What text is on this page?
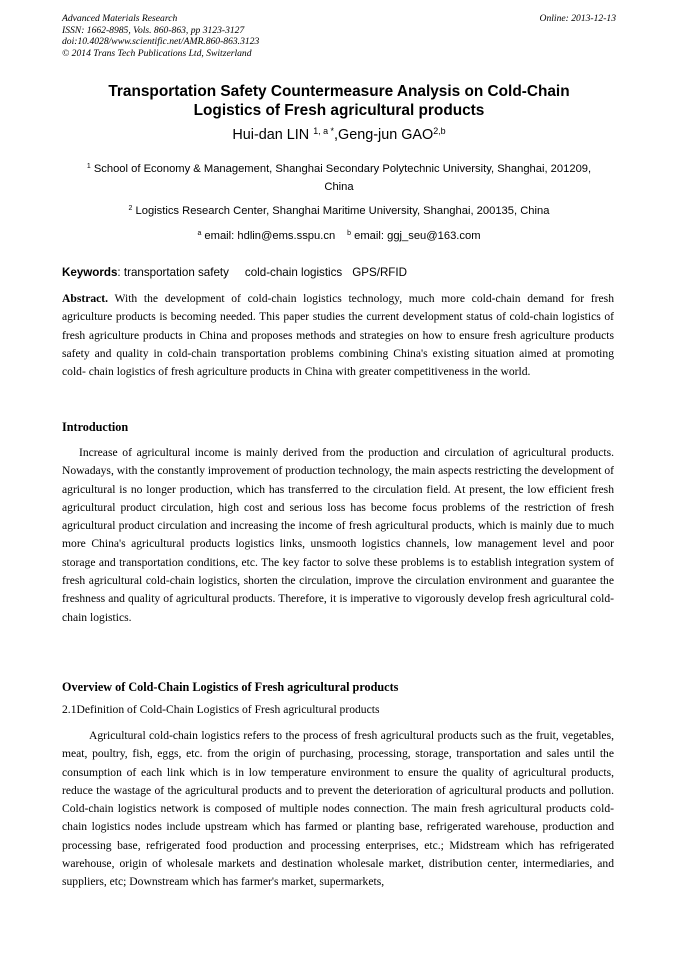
Advanced Materials Research
ISSN: 1662-8985, Vols. 860-863, pp 3123-3127
doi:10.4028/www.scientific.net/AMR.860-863.3123
© 2014 Trans Tech Publications Ltd, Switzerland
Online: 2013-12-13
Transportation Safety Countermeasure Analysis on Cold-Chain
Logistics of Fresh agricultural products
Hui-dan LIN $^{1, a *}$,Geng-jun GAO$^{2,b}$
$^1$ School of Economy & Management, Shanghai Secondary Polytechnic University, Shanghai, 201209, China
$^2$ Logistics Research Center, Shanghai Maritime University, Shanghai, 200135, China
$^a$ email: hdlin@ems.sspu.cn $^b$ email: ggj_seu@163.com
Keywords: transportation safety cold-chain logistics GPS/RFID
Abstract. With the development of cold-chain logistics technology, much more cold-chain demand for fresh agriculture products is becoming needed. This paper studies the current development status of cold-chain logistics of fresh agriculture products in China and proposes methods and strategies on how to ensure fresh agriculture products safety and quality in cold-chain transportation problems combining China's existing situation aimed at promoting cold- chain logistics of fresh agriculture products in China with greater competitiveness in the world.
Introduction
Increase of agricultural income is mainly derived from the production and circulation of agricultural products. Nowadays, with the constantly improvement of production technology, the main aspects restricting the development of agricultural is no longer production, which has transferred to the circulation field. At present, the low efficient fresh agricultural product circulation, high cost and serious loss has become focus problems of the restriction of fresh agricultural product circulation and increasing the income of fresh agricultural products, which is mainly due to much more China's agricultural products logistics links, unsmooth logistics channels, low management level and poor storage and transportation conditions, etc. The key factor to solve these problems is to establish integration system of fresh agricultural cold-chain logistics, shorten the circulation, improve the circulation environment and guarantee the freshness and quality of agricultural products. Therefore, it is imperative to vigorously develop fresh agricultural cold-chain logistics.
Overview of Cold-Chain Logistics of Fresh agricultural products
2.1Definition of Cold-Chain Logistics of Fresh agricultural products
Agricultural cold-chain logistics refers to the process of fresh agricultural products such as the fruit, vegetables, meat, poultry, fish, eggs, etc. from the origin of purchasing, processing, storage, transportation and sales until the consumption of each link which is in low temperature environment to ensure the quality of agricultural products, reduce the wastage of the agricultural products and to prevent the deterioration of agricultural products and pollution. Cold-chain logistics network is composed of multiple nodes connection. The main fresh agricultural products cold-chain logistics nodes include upstream which has farmed or planting base, refrigerated warehouse, production and processing base, refrigerated food production and processing enterprises, etc.; Midstream which has refrigerated warehouse, origin of wholesale markets and destination wholesale market, distribution center, intermediaries, and suppliers, etc; Downstream which has farmer's market, supermarkets,
